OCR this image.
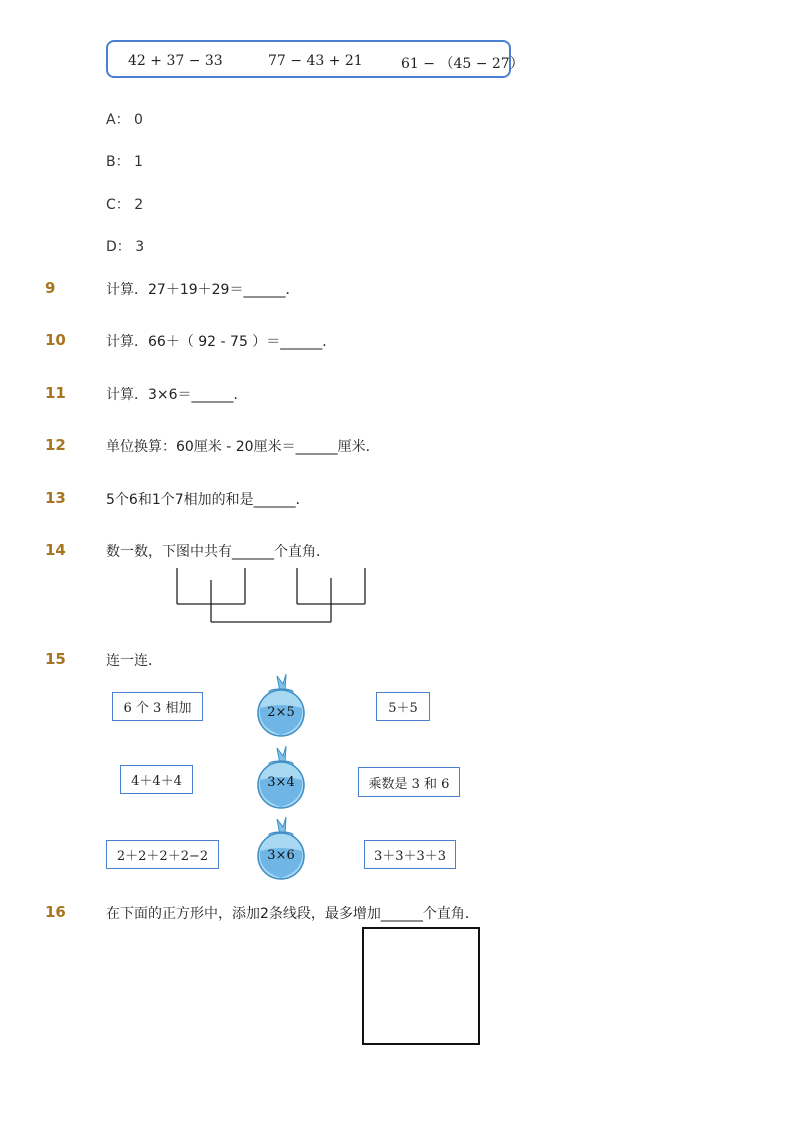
42 + 37 − 33	77 − 43 + 21	61 − （45 − 27）
A： 0
B： 1
C： 2
D： 3
9	计算．27＋19＋29＝______．
10	计算．66＋（ 92 - 75 ）＝______．
11	计算．3×6＝______．
12	单位换算：60厘米 - 20厘米＝______厘米．
13	5个6和1个7相加的和是______．
14	数一数，下图中共有______个直角．
15	连一连．
6 个 3 相加
4＋4＋4
2＋2＋2＋2−2
2×5
3×4
3×6
5＋5
乘数是 3 和 6
3＋3＋3＋3
16	在下面的正方形中，添加2条线段，最多增加______个直角．
